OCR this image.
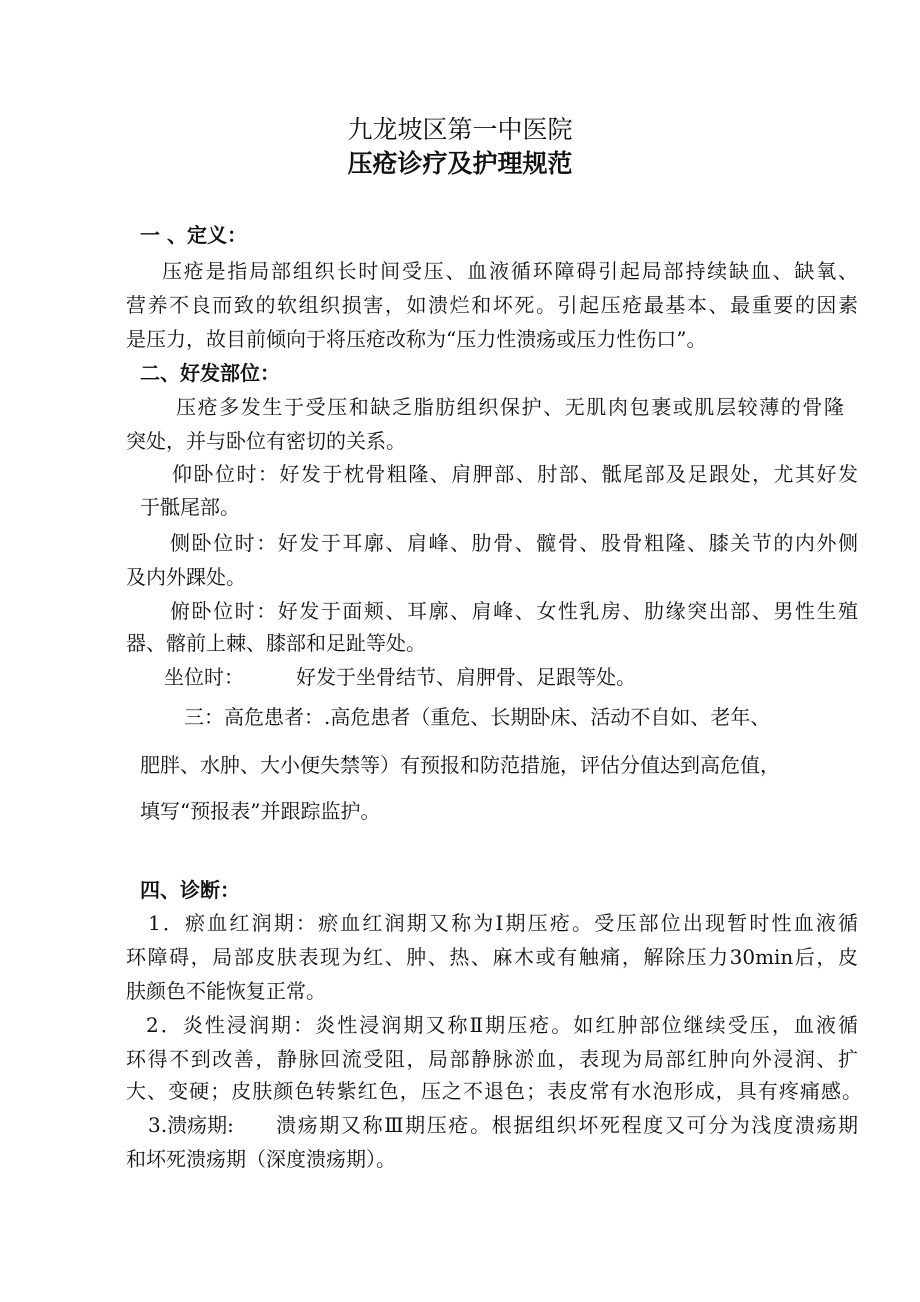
九龙坡区第一中医院
压疮诊疗及护理规范
一 、定义：
压疮是指局部组织长时间受压、血液循环障碍引起局部持续缺血、缺氧、
营养不良而致的软组织损害，如溃烂和坏死。引起压疮最基本、最重要的因素
是压力，故目前倾向于将压疮改称为“压力性溃疡或压力性伤口”。
二、好发部位：
压疮多发生于受压和缺乏脂肪组织保护、无肌肉包裹或肌层较薄的骨隆
突处，并与卧位有密切的关系。
仰卧位时：好发于枕骨粗隆、肩胛部、肘部、骶尾部及足跟处，尤其好发
于骶尾部。
侧卧位时：好发于耳廓、肩峰、肋骨、髋骨、股骨粗隆、膝关节的内外侧
及内外踝处。
俯卧位时：好发于面颊、耳廓、肩峰、女性乳房、肋缘突出部、男性生殖
器、髂前上棘、膝部和足趾等处。
坐位时：	好发于坐骨结节、肩胛骨、足跟等处。
三：高危患者：.高危患者（重危、长期卧床、活动不自如、老年、
肥胖、水肿、大小便失禁等）有预报和防范措施，评估分值达到高危值，
填写“预报表”并跟踪监护。
四、诊断：
1．瘀血红润期：瘀血红润期又称为Ⅰ期压疮。受压部位出现暂时性血液循
环障碍，局部皮肤表现为红、肿、热、麻木或有触痛，解除压力30min后，皮
肤颜色不能恢复正常。
2．炎性浸润期：炎性浸润期又称Ⅱ期压疮。如红肿部位继续受压，血液循
环得不到改善，静脉回流受阻，局部静脉淤血，表现为局部红肿向外浸润、扩
大、变硬；皮肤颜色转紫红色，压之不退色；表皮常有水泡形成，具有疼痛感。
3.溃疡期: 溃疡期又称Ⅲ期压疮。根据组织坏死程度又可分为浅度溃疡期
和坏死溃疡期（深度溃疡期）。
